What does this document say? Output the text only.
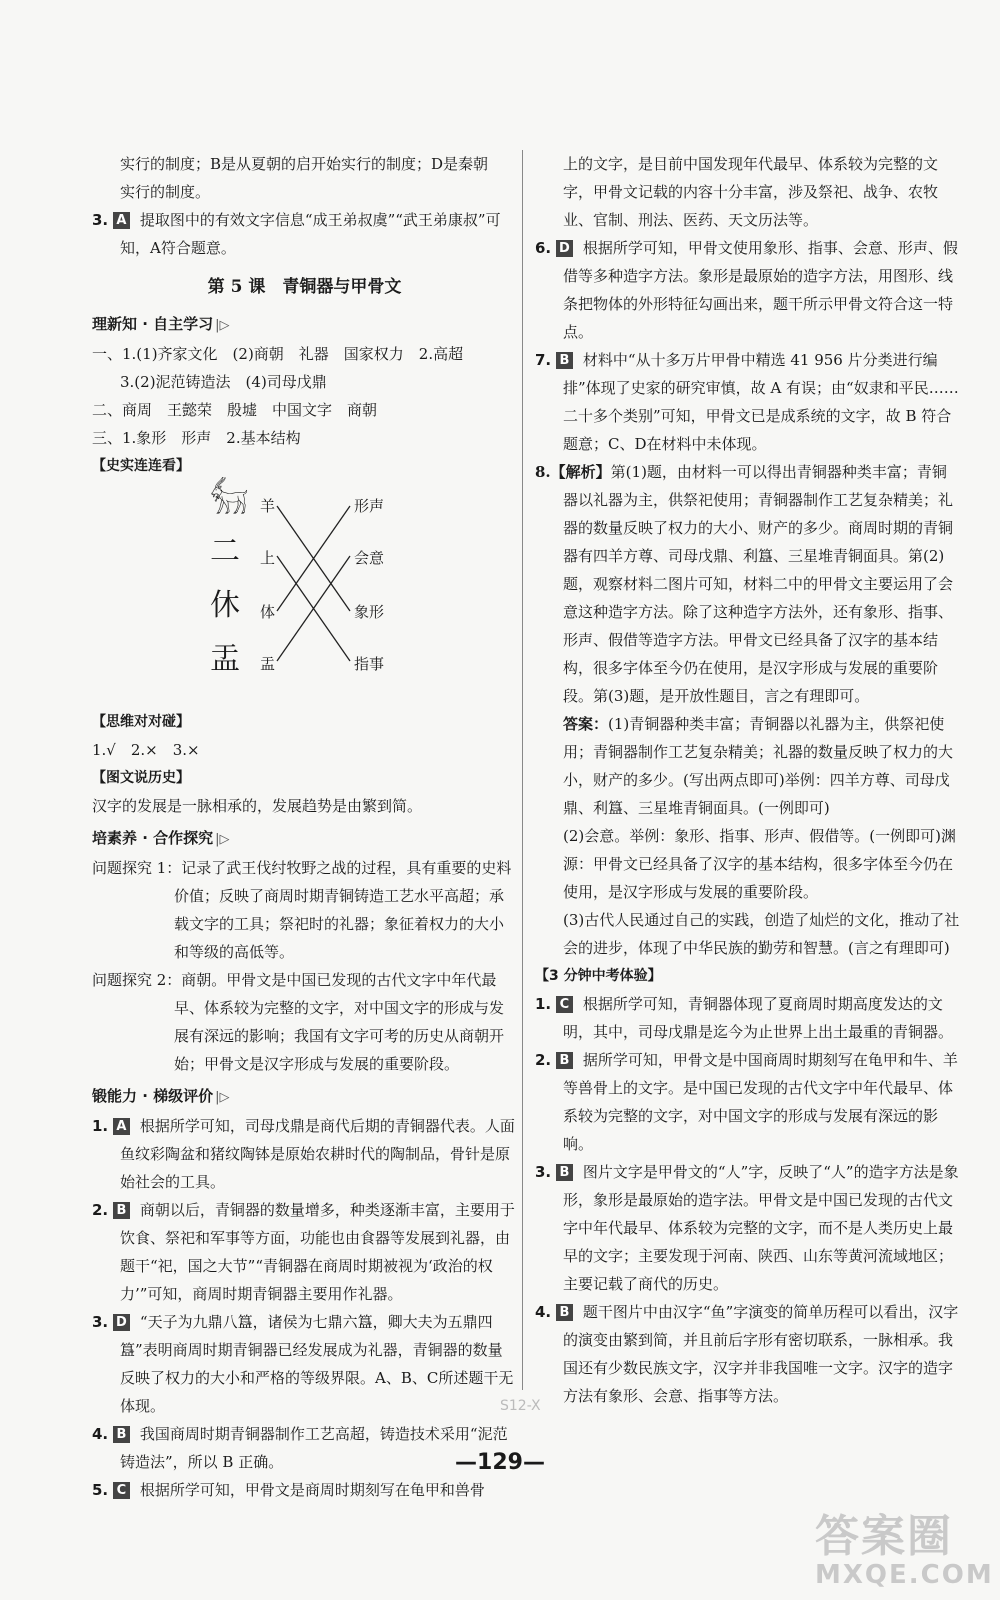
实行的制度；B是从夏朝的启开始实行的制度；D是秦朝

实行的制度。

3. A 提取图中的有效文字信息“成王弟叔虞”“武王弟康叔”可知，A符合题意。

第 5 课　青铜器与甲骨文
理新知 · 自主学习 |▷

一、1.(1)齐家文化　(2)商朝　礼器　国家权力　2.高超

3.(2)泥范铸造法　(4)司母戊鼎

二、商周　王懿荣　殷墟　中国文字　商朝

三、1.象形　形声　2.基本结构

【史实连连看】
𓃶
二
休
盂
羊
上
体
盂
形声
会意
象形
指事
【思维对对碰】

1.√　2.×　3.×

【图文说历史】

汉字的发展是一脉相承的，发展趋势是由繁到简。

培素养 · 合作探究 |▷

问题探究 1：记录了武王伐纣牧野之战的过程，具有重要的史料价值；反映了商周时期青铜铸造工艺水平高超；承载文字的工具；祭祀时的礼器；象征着权力的大小和等级的高低等。

问题探究 2：商朝。甲骨文是中国已发现的古代文字中年代最早、体系较为完整的文字，对中国文字的形成与发展有深远的影响；我国有文字可考的历史从商朝开始；甲骨文是汉字形成与发展的重要阶段。

锻能力 · 梯级评价 |▷

1. A 根据所学可知，司母戊鼎是商代后期的青铜器代表。人面鱼纹彩陶盆和猪纹陶钵是原始农耕时代的陶制品，骨针是原始社会的工具。

2. B 商朝以后，青铜器的数量增多，种类逐渐丰富，主要用于饮食、祭祀和军事等方面，功能也由食器等发展到礼器，由题干“祀，国之大节”“青铜器在商周时期被视为‘政治的权力’”可知，商周时期青铜器主要用作礼器。

3. D “天子为九鼎八簋，诸侯为七鼎六簋，卿大夫为五鼎四簋”表明商周时期青铜器已经发展成为礼器，青铜器的数量反映了权力的大小和严格的等级界限。A、B、C所述题干无体现。

4. B 我国商周时期青铜器制作工艺高超，铸造技术采用“泥范铸造法”，所以 B 正确。

5. C 根据所学可知，甲骨文是商周时期刻写在龟甲和兽骨

上的文字，是目前中国发现年代最早、体系较为完整的文字，甲骨文记载的内容十分丰富，涉及祭祀、战争、农牧业、官制、刑法、医药、天文历法等。

6. D 根据所学可知，甲骨文使用象形、指事、会意、形声、假借等多种造字方法。象形是最原始的造字方法，用图形、线条把物体的外形特征勾画出来，题干所示甲骨文符合这一特点。

7. B 材料中“从十多万片甲骨中精选 41 956 片分类进行编排”体现了史家的研究审慎，故 A 有误；由“奴隶和平民……二十多个类别”可知，甲骨文已是成系统的文字，故 B 符合题意；C、D在材料中未体现。

8.【解析】第(1)题，由材料一可以得出青铜器种类丰富；青铜器以礼器为主，供祭祀使用；青铜器制作工艺复杂精美；礼器的数量反映了权力的大小、财产的多少。商周时期的青铜器有四羊方尊、司母戊鼎、利簋、三星堆青铜面具。第(2)题，观察材料二图片可知，材料二中的甲骨文主要运用了会意这种造字方法。除了这种造字方法外，还有象形、指事、形声、假借等造字方法。甲骨文已经具备了汉字的基本结构，很多字体至今仍在使用，是汉字形成与发展的重要阶段。第(3)题，是开放性题目，言之有理即可。

答案：(1)青铜器种类丰富；青铜器以礼器为主，供祭祀使用；青铜器制作工艺复杂精美；礼器的数量反映了权力的大小，财产的多少。(写出两点即可)举例：四羊方尊、司母戊鼎、利簋、三星堆青铜面具。(一例即可)

(2)会意。举例：象形、指事、形声、假借等。(一例即可)渊源：甲骨文已经具备了汉字的基本结构，很多字体至今仍在使用，是汉字形成与发展的重要阶段。

(3)古代人民通过自己的实践，创造了灿烂的文化，推动了社会的进步，体现了中华民族的勤劳和智慧。(言之有理即可)

【3 分钟中考体验】

1. C 根据所学可知，青铜器体现了夏商周时期高度发达的文明，其中，司母戊鼎是迄今为止世界上出土最重的青铜器。

2. B 据所学可知，甲骨文是中国商周时期刻写在龟甲和牛、羊等兽骨上的文字。是中国已发现的古代文字中年代最早、体系较为完整的文字，对中国文字的形成与发展有深远的影响。

3. B 图片文字是甲骨文的“人”字，反映了“人”的造字方法是象形，象形是最原始的造字法。甲骨文是中国已发现的古代文字中年代最早、体系较为完整的文字，而不是人类历史上最早的文字；主要发现于河南、陕西、山东等黄河流域地区；主要记载了商代的历史。

4. B 题干图片中由汉字“鱼”字演变的简单历程可以看出，汉字的演变由繁到简，并且前后字形有密切联系，一脉相承。我国还有少数民族文字，汉字并非我国唯一文字。汉字的造字方法有象形、会意、指事等方法。

S12-X
—129—
答案圈
MXQE.COM
